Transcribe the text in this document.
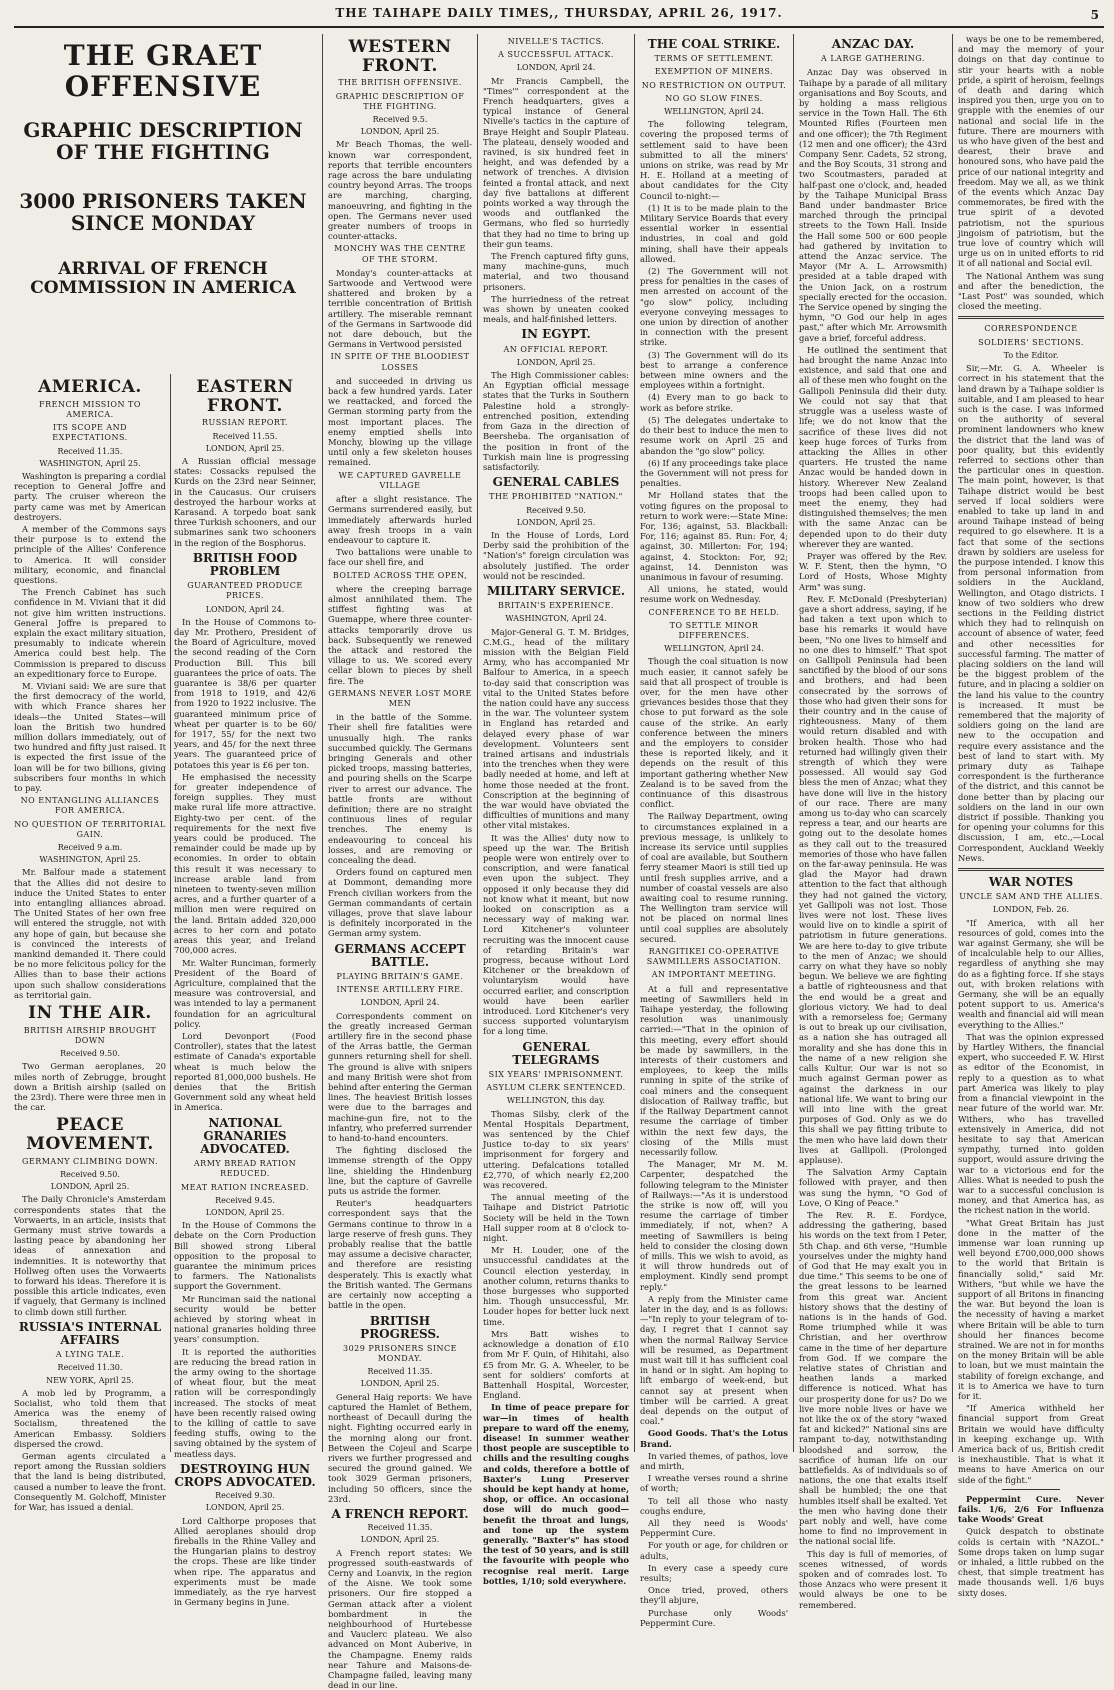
THE TAIHAPE DAILY TIMES,, THURSDAY, APRIL 26, 1917.	5
THE GRAET OFFENSIVE
GRAPHIC DESCRIPTION OF THE FIGHTING
3000 PRISONERS TAKEN SINCE MONDAY
ARRIVAL OF FRENCH COMMISSION IN AMERICA
AMERICA.
FRENCH MISSION TO AMERICA.
ITS SCOPE AND EXPECTATIONS.
Received 11.35.
WASHINGTON, April 25.

Washington is preparing a cordial reception to General Joffre and party. The cruiser whereon the party came was met by American destroyers.

A member of the Commons says their purpose is to extend the principle of the Allies' Conference to America. It will consider military, economic, and financial questions.

The French Cabinet has such confidence in M. Viviani that it did not give him written instructions. General Joffre is prepared to explain the exact military situation, presumably to indicate wherein America could best help. The Commission is prepared to discuss an expeditionary force to Europe.

M. Viviani said: We are sure that the first democracy of the world, with which France shares her ideals—the United States—will loan the British two hundred million dollars immediately, out of two hundred and fifty just raised. It is expected the first issue of the loan will be for two billions, giving subscribers four months in which to pay.

NO ENTANGLING ALLIANCES FOR AMERICA.
NO QUESTION OF TERRITORIAL GAIN.
Received 9 a.m.
WASHINGTON, April 25.

Mr. Balfour made a statement that the Allies did not desire to induce the United States to enter into entangling alliances abroad. The United States of her own free will entered the struggle, not with any hope of gain, but because she is convinced the interests of mankind demanded it. There could be no more felicitous policy for the Allies than to base their actions upon such shallow considerations as territorial gain.

IN THE AIR.
BRITISH AIRSHIP BROUGHT DOWN
Received 9.50.

Two German aeroplanes, 20 miles north of Zebrugge, brought down a British airship (sailed on the 23rd). There were three men in the car.

PEACE MOVEMENT.
GERMANY CLIMBING DOWN.
Received 9.50.
LONDON, April 25.

The Daily Chronicle's Amsterdam correspondents states that the Vorwaerts, in an article, insists that Germany must strive towards a lasting peace by abandoning her ideas of annexation and indemnities. It is noteworthy that Hollweg often uses the Vorwaerts to forward his ideas. Therefore it is possible this article indicates, even if vaguely, that Germany is inclined to climb down still further.

RUSSIA'S INTERNAL AFFAIRS
A LYING TALE.
Received 11.30.
NEW YORK, April 25.

A mob led by Programm, a Socialist, who told them that America was the enemy of Socialism, threatened the American Embassy. Soldiers dispersed the crowd.

German agents circulated a report among the Russian soldiers that the land is being distributed, caused a number to leave the front. Consequently M. Golchoff, Minister for War, has issued a denial.

EASTERN FRONT.
RUSSIAN REPORT.
Received 11.55.
LONDON, April 25.

A Russian official message states: Cossacks repulsed the Kurds on the 23rd near Seinner, in the Caucasus. Our cruisers destroyed the harbour works at Karasand. A torpedo boat sank three Turkish schooners, and our submarines sank two schooners in the region of the Bosphorus.

BRITISH FOOD PROBLEM
GUARANTEED PRODUCE PRICES.
LONDON, April 24.

In the House of Commons to-day Mr. Prothero, President of the Board of Agriculture, moved the second reading of the Corn Production Bill. This bill guarantees the price of oats. The guarantee is 38/6 per quarter from 1918 to 1919, and 42/6 from 1920 to 1922 inclusive. The guaranteed minimum price of wheat per quarter is to be 60/ for 1917, 55/ for the next two years, and 45/ for the next three years. The guaranteed price of potatoes this year is £6 per ton.

He emphasised the necessity for greater independence of foreign supplies. They must make rural life more attractive. Eighty-two per cent. of the requirements for the next five years could be produced. The remainder could be made up by economies. In order to obtain this result it was necessary to increase arable land from nineteen to twenty-seven million acres, and a further quarter of a million men were required on the land. Britain added 320,000 acres to her corn and potato areas this year, and Ireland 700,000 acres.

Mr. Walter Runciman, formerly President of the Board of Agriculture, complained that the measure was controversial, and was intended to lay a permanent foundation for an agricultural policy.

Lord Devonport (Food Controller), states that the latest estimate of Canada's exportable wheat is much below the reported 81,000,000 bushels. He denies that the British Government sold any wheat held in America.

NATIONAL GRANARIES ADVOCATED.
ARMY BREAD RATION REDUCED.
MEAT RATION INCREASED.
Received 9.45.
LONDON, April 25.

In the House of Commons the debate on the Corn Production Bill showed strong Liberal opposition to the proposal to guarantee the minimum prices to farmers. The Nationalists support the Government.

Mr Runciman said the national security would be better achieved by storing wheat in national granaries holding three years' consumption.

It is reported the authorities are reducing the bread ration in the army owing to the shortage of wheat flour, but the meat ration will be correspondingly increased. The stocks of meat have been recently raised owing to the killing of cattle to save feeding stuffs, owing to the saving obtained by the system of meatless days.

DESTROYING HUN CROPS ADVOCATED.
Received 9.30.
LONDON, April 25.

Lord Calthorpe proposes that Allied aeroplanes should drop fireballs in the Rhine Valley and the Hungarian plains to destroy the crops. These are like tinder when ripe. The apparatus and experiments must be made immediately, as the rye harvest in Germany begins in June.

WESTERN FRONT.
THE BRITISH OFFENSIVE.
GRAPHIC DESCRIPTION OF THE FIGHTING.
Received 9.5.
LONDON, April 25.

Mr Beach Thomas, the well-known war correspondent, reports that terrible encounters rage across the bare undulating country beyond Arras. The troops are marching, charging, manoeuvring, and fighting in the open. The Germans never used greater numbers of troops in counter-attacks.

MONCHY WAS THE CENTRE OF THE STORM.

Monday's counter-attacks at Sartwoode and Vertwood were shattered and broken by a terrible concentration of British artillery. The miserable remnant of the Germans in Sartwoode did not dare debouch, but the Germans in Vertwood persisted

IN SPITE OF THE BLOODIEST LOSSES

and succeeded in driving us back a few hundred yards. Later we reattacked, and forced the German storming party from the most important places. The enemy emptied shells into Monchy, blowing up the village until only a few skeleton houses remained.

WE CAPTURED GAVRELLE VILLAGE

after a slight resistance. The Germans surrendered easily, but immediately afterwards hurled away fresh troops in a vain endeavour to capture it.

Two battalions were unable to face our shell fire, and

BOLTED ACROSS THE OPEN,

where the creeping barrage almost annihilated them. The stiffest fighting was at Guemappe, where three counter-attacks temporarily drove us back. Subsequently we renewed the attack and restored the village to us. We scored every cellar blown to pieces by shell fire. The

GERMANS NEVER LOST MORE MEN

in the battle of the Somme. Their shell fire fatalities were unusually high. The ranks succumbed quickly. The Germans bringing Generals and other picked troops, massing batteries, and pouring shells on the Scarpe river to arrest our advance. The battle fronts are without definition; there are no straight continuous lines of regular trenches. The enemy is endeavouring to conceal his losses, and are removing or concealing the dead.

Orders found on captured men at Dommont, demanding more French civilian workers from the German commandants of certain villages, prove that slave labour is definitely incorporated in the German army system.

GERMANS ACCEPT BATTLE.
PLAYING BRITAIN'S GAME.
INTENSE ARTILLERY FIRE.
LONDON, April 24.

Correspondents comment on the greatly increased German artillery fire in the second phase of the Arras battle, the German gunners returning shell for shell. The ground is alive with snipers and many British were shot from behind after entering the German lines. The heaviest British losses were due to the barrages and machine-gun fire, not to the infantry, who preferred surrender to hand-to-hand encounters.

The fighting disclosed the immense strength of the Oppy line, shielding the Hindenburg line, but the capture of Gavrelle puts us astride the former.

Reuter's headquarters correspondent says that the Germans continue to throw in a large reserve of fresh guns. They probably realise that the battle may assume a decisive character, and therefore are resisting desperately. This is exactly what the British wanted. The Germans are certainly now accepting a battle in the open.

BRITISH PROGRESS.
3029 PRISONERS SINCE MONDAY.
Received 11.35.
LONDON, April 25.

General Haig reports: We have captured the Hamlet of Bethem, northeast of Decaull during the night. Fighting occurred early in the morning along our front. Between the Cojeul and Scarpe rivers we further progressed and secured the ground gained. We took 3029 German prisoners, including 50 officers, since the 23rd.

A FRENCH REPORT.
Received 11.35.
LONDON, April 25.

A French report states: We progressed south-eastwards of Cerny and Loanvix, in the region of the Aisne. We took some prisoners. Our fire stopped a German attack after a violent bombardment in the neighbourhood of Hurtebesse and Vauclerc plateau. We also advanced on Mont Auberive, in the Champagne. Enemy raids near Tahure and Maisons-de-Champagne failed, leaving many dead in our line.

NIVELLE'S TACTICS.
A SUCCESSFUL ATTACK.
LONDON, April 24.

Mr Francis Campbell, the "Times'" correspondent at the French headquarters, gives a typical instance of General Nivelle's tactics in the capture of Braye Height and Souplr Plateau. The plateau, densely wooded and ravined, is six hundred feet in height, and was defended by a network of trenches. A division feinted a frontal attack, and next day five battalions at different points worked a way through the woods and outflanked the Germans, who fled so hurriedly that they had no time to bring up their gun teams.

The French captured fifty guns, many machine-guns, much material, and two thousand prisoners.

The hurriedness of the retreat was shown by uneaten cooked meals, and half-finished letters.

IN EGYPT.
AN OFFICIAL REPORT.
LONDON, April 25.

The High Commissioner cables: An Egyptian official message states that the Turks in Southern Palestine hold a strongly-entrenched position, extending from Gaza in the direction of Beersheba. The organisation of the position in front of the Turkish main line is progressing satisfactorily.

GENERAL CABLES
THE PROHIBITED "NATION."
Received 9.50.
LONDON, April 25.

In the House of Lords, Lord Derby said the prohibition of the "Nation's" foreign circulation was absolutely justified. The order would not be rescinded.

MILITARY SERVICE.
BRITAIN'S EXPERIENCE.
WASHINGTON, April 24.

Major-General G. T. M. Bridges, C.M.G., head of the military mission with the Belgian Field Army, who has accompanied Mr Balfour to America, in a speech to-day said that conscription was vital to the United States before the nation could have any success in the war. The volunteer system in England has retarded and delayed every phase of war development. Volunteers sent trained artisans and industrials into the trenches when they were badly needed at home, and left at home those needed at the front. Conscription at the beginning of the war would have obviated the difficulties of munitions and many other vital mistakes.

It was the Allies' duty now to speed up the war. The British people were won entirely over to conscription, and were fanatical even upon the subject. They opposed it only because they did not know what it meant, but now looked on conscription as a necessary way of making war. Lord Kitchener's volunteer recruiting was the innocent cause of retarding Britain's war progress, because without Lord Kitchener or the breakdown of voluntaryism would have occurred earlier, and conscription would have been earlier introduced. Lord Kitchener's very success supported voluntaryism for a long time.

GENERAL TELEGRAMS
SIX YEARS' IMPRISONMENT.
ASYLUM CLERK SENTENCED.
WELLINGTON, this day.

Thomas Silsby, clerk of the Mental Hospitals Department, was sentenced by the Chief Justice to-day to six years' imprisonment for forgery and uttering. Defalcations totalled £2,770, of which nearly £2,200 was recovered.

The annual meeting of the Taihape and District Patriotic Society will be held in the Town Hall supper room at 8 o'clock to-night.

Mr H. Louder, one of the unsuccessful candidates at the Council election yesterday, in another column, returns thanks to those burgesses who supported him. Though unsuccessful, Mr. Louder hopes for better luck next time.

Mrs Batt wishes to acknowledge a donation of £10 from Mr F. Quin, of Hihitahi, also £5 from Mr. G. A. Wheeler, to be sent for soldiers' comforts at Battenhall Hospital, Worcester, England.

In time of peace prepare for war—in times of health prepare to ward off the enemy, disease! In summer weather thost people are susceptible to chills and the resulting coughs and colds, therefore a bottle of Baxter's Lung Preserver should be kept handy at home, shop, or office. An occasional dose will do much good—benefit the throat and lungs, and tone up the system generally. "Baxter's" has stood the test of 50 years, and is still the favourite with people who recognise real merit. Large bottles, 1/10; sold everywhere.

THE COAL STRIKE.
TERMS OF SETTLEMENT.
EXEMPTION OF MINERS.
NO RESTRICTION ON OUTPUT.
NO GO SLOW FINES.
WELLINGTON, April 24.

The following telegram, covering the proposed terms of settlement said to have been submitted to all the miners' unions on strike, was read by Mr H. E. Holland at a meeting of about candidates for the City Council to-night:—

(1) It is to be made plain to the Military Service Boards that every essential worker in essential industries, in coal and gold mining, shall have their appeals allowed.

(2) The Government will not press for penalties in the cases of men arrested on account of the "go slow" policy, including everyone conveying messages to one union by direction of another in connection with the present strike.

(3) The Government will do its best to arrange a conference between mine owners and the employees within a fortnight.

(4) Every man to go back to work as before strike.

(5) The delegates undertake to do their best to induce the men to resume work on April 25 and abandon the "go slow" policy.

(6) If any proceedings take place the Government will not press for penalties.

Mr Holland states that the voting figures on the proposal to return to work were:—State Mine: For, 136; against, 53. Blackball: For, 116; against 85. Run: For, 4; against, 30. Millerton: For, 194; against, 4. Stockton: For, 92; against, 14. Denniston was unanimous in favour of resuming.

All unions, he stated, would resume work on Wednesday.

CONFERENCE TO BE HELD.
TO SETTLE MINOR DIFFERENCES.
WELLINGTON, April 24.

Though the coal situation is now much easier, it cannot safely be said that all prospect of trouble is over, for the men have other grievances besides those that they chose to put forward as the sole cause of the strike. An early conference between the miners and the employers to consider these is reported likely, and it depends on the result of this important gathering whether New Zealand is to be saved from the continuance of this disastrous conflict.

The Railway Department, owing to circumstances explained in a previous message, is unlikely to increase its service until supplies of coal are available, but Southern ferry steamer Maori is still tied up until fresh supplies arrive, and a number of coastal vessels are also awaiting coal to resume running. The Wellington tram service will not be placed on normal lines until coal supplies are absolutely secured.

RANGITIKEI CO-OPERATIVE SAWMILLERS ASSOCIATION.
AN IMPORTANT MEETING.

At a full and representative meeting of Sawmillers held in Taihape yesterday, the following resolution was unanimously carried:—"That in the opinion of this meeting, every effort should be made by sawmillers, in the interests of their customers and employees, to keep the mills running in spite of the strike of coal miners and the consequent dislocation of Railway traffic, but if the Railway Department cannot resume the carriage of timber within the next few days, the closing of the Mills must necessarily follow.

The Manager, Mr M. M. Carpenter, despatched the following telegram to the Minister of Railways:—"As it is understood the strike is now off, will you resume the carriage of timber immediately, if not, when? A meeting of Sawmillers is being held to consider the closing down of mills. This we wish to avoid, as it will throw hundreds out of employment. Kindly send prompt reply."

A reply from the Minister came later in the day, and is as follows:—"In reply to your telegram of to-day, I regret that I cannot say when the normal Railway Service will be resumed, as Department must wait till it has sufficient coal in hand or in sight. Am hoping to lift embargo of week-end, but cannot say at present when timber will be carried. A great deal depends on the output of coal."

Good Goods. That's the Lotus Brand.

In varied themes, of pathos, love and mirth,

I wreathe verses round a shrine of worth;

To tell all those who nasty coughs endure,

All they need is Woods' Peppermint Cure.

For youth or age, for children or adults,

In every case a speedy cure results;

Once tried, proved, others they'll abjure,

Purchase only Woods' Peppermint Cure.

ANZAC DAY.
A LARGE GATHERING.

Anzac Day was observed in Taihape by a parade of all military organisations and Boy Scouts, and by holding a mass religious service in the Town Hall. The 6th Mounted Rifles (Fourteen men and one officer); the 7th Regiment (12 men and one officer); the 43rd Company Senr. Cadets, 52 strong, and the Boy Scouts, 31 strong and two Scoutmasters, paraded at half-past one o'clock, and, headed by the Taihape Municipal Brass Band under bandmaster Brice marched through the principal streets to the Town Hall. Inside the Hall some 500 or 600 people had gathered by invitation to attend the Anzac service. The Mayor (Mr A. L. Arrowsmith) presided at a table draped with the Union Jack, on a rostrum specially erected for the occasion. The Service opened by singing the hymn, "O God our help in ages past," after which Mr. Arrowsmith gave a brief, forceful address.

He outlined the sentiment that had brought the name Anzac into existence, and said that one and all of these men who fought on the Gallipoli Peninsula did their duty. We could not say that that struggle was a useless waste of life; we do not know that the sacrifice of these lives did not keep huge forces of Turks from attacking the Allies in other quarters. He trusted the name Anzac would be handed down in history. Wherever New Zealand troops had been called upon to meet the enemy, they had distinguished themselves; the men with the same Anzac can be depended upon to do their duty wherever they are wanted.

Prayer was offered by the Rev. W. F. Stent, then the hymn, "O Lord of Hosts, Whose Mighty Arm" was sung.

Rev. F. McDonald (Presbyterian) gave a short address, saying, if he had taken a text upon which to base his remarks it would have been, "No one lives to himself and no one dies to himself." That spot on Gallipoli Peninsula had been sanctified by the blood of our sons and brothers, and had been consecrated by the sorrows of those who had given their sons for their country and in the cause of righteousness. Many of them would return disabled and with broken health. Those who had returned had willingly given their strength of which they were possessed. All would say God bless the men of Anzac; what they have done will live in the history of our race. There are many among us to-day who can scarcely repress a tear, and our hearts are going out to the desolate homes as they call out to the treasured memories of those who have fallen on the far-away peninsula. He was glad the Mayor had drawn attention to the fact that although they had not gained the victory, yet Gallipoli was not lost. Those lives were not lost. These lives would live on to kindle a spirit of patriotism in future generations. We are here to-day to give tribute to the men of Anzac; we should carry on what they have so nobly begun. We believe we are fighting a battle of righteousness and that the end would be a great and glorious victory. We had to deal with a remorseless foe; Germany is out to break up our civilisation, as a nation she has outraged all morality and she has done this in the name of a new religion she calls Kultur. Our war is not so much against German power as against the darkness in our national life. We want to bring our will into line with the great purposes of God. Only as we do this shall we pay fitting tribute to the men who have laid down their lives at Gallipoli. (Prolonged applause).

The Salvation Army Captain followed with prayer, and then was sung the hymn, "O God of Love, O King of Peace."

The Rev. R. E. Fordyce, addressing the gathering, based his words on the text from I Peter, 5th Chap. and 6th verse, "Humble yourselves under the mighty hand of God that He may exalt you in due time." This seems to be one of the great lessons to be learned from this great war. Ancient history shows that the destiny of nations is in the hands of God. Rome triumphed while it was Christian, and her overthrow came in the time of her departure from God. If we compare the relative states of Christian and heathen lands a marked difference is noticed. What has our prosperity done for us? Do we live more noble lives or have we not like the ox of the story "waxed fat and kicked?" National sins are rampant to-day, notwithstanding bloodshed and sorrow, the sacrifice of human life on our battlefields. As of individuals so of nations, the one that exalts itself shall be humbled; the one that humbles itself shall be exalted. Yet the men who having done their part nobly and well, have come home to find no improvement in the national social life.

This day is full of memories, of scenes witnessed, of words spoken and of comrades lost. To those Anzacs who were present it would always be one to be remembered.

ways be one to be remembered, and may the memory of your doings on that day continue to stir your hearts with a noble pride, a spirit of heroism, feelings of death and daring which inspired you then, urge you on to grapple with the enemies of our national and social life in the future. There are mourners with us who have given of the best and dearest, their brave and honoured sons, who have paid the price of our national integrity and freedom. May we all, as we think of the events which Anzac Day commemorates, be fired with the true spirit of a devoted patriotism, not the spurious jingoism of patriotism, but the true love of country which will urge us on in united efforts to rid it of all national and Social evil.

The National Anthem was sung and after the benediction, the "Last Post" was sounded, which closed the meeting.

CORRESPONDENCE
SOLDIERS' SECTIONS.
To the Editor.

Sir,—Mr. G. A. Wheeler is correct in his statement that the land drawn by a Taihape soldier is suitable, and I am pleased to hear such is the case. I was informed on the authority of several prominent landowners who knew the district that the land was of poor quality, but this evidently referred to sections other than the particular ones in question. The main point, however, is that Taihape district would be best served if local soldiers were enabled to take up land in and around Taihape instead of being required to go elsewhere. It is a fact that some of the sections drawn by soldiers are useless for the purpose intended. I know this from personal information from soldiers in the Auckland, Wellington, and Otago districts. I know of two soldiers who drew sections in the Feilding district which they had to relinquish on account of absence of water, feed and other necessities for successful farming. The matter of placing soldiers on the land will be the biggest problem of the future, and in placing a soldier on the land his value to the country is increased. It must be remembered that the majority of soldiers going on the land are new to the occupation and require every assistance and the best of land to start with. My primary duty as Taihape correspondent is the furtherance of the district, and this cannot be done better than by placing our soldiers on the land in our own district if possible. Thanking you for opening your columns for this discussion, I am, etc.,—Local Correspondent, Auckland Weekly News.

WAR NOTES
UNCLE SAM AND THE ALLIES.
LONDON, Feb. 26.

"If America, with all her resources of gold, comes into the war against Germany, she will be of incalculable help to our Allies, regardless of anything she may do as a fighting force. If she stays out, with broken relations with Germany, she will be an equally potent support to us. America's wealth and financial aid will mean everything to the Allies."

That was the opinion expressed by Hartley Withers, the financial expert, who succeeded F. W. Hirst as editor of the Economist, in reply to a question as to what part America was likely to play from a financial viewpoint in the near future of the world war. Mr. Withers, who has travelled extensively in America, did not hesitate to say that American sympathy, turned into golden support, would assure driving the war to a victorious end for the Allies. What is needed to push the war to a successful conclusion is money, and that America has, as the richest nation in the world.

"What Great Britain has just done in the matter of the immense war loan running up well beyond £700,000,000 shows to the world that Britain is financially solid," said Mr. Withers, "but while we have the support of all Britons in financing the war. But beyond the loan is the necessity of having a market where Britain will be able to turn should her finances become strained. We are not in for months on the money Britain will be able to loan, but we must maintain the stability of foreign exchange, and it is to America we have to turn for it.

"If America withheld her financial support from Great Britain we would have difficulty in keeping exchange up. With America back of us, British credit is inexhaustible. That is what it means to have America on our side of the fight."

Peppermint Cure. Never fails. 1/6, 2/6 For Influenza take Woods' Great

Quick despatch to obstinate colds is certain with "NAZOL." Some drops taken on lump sugar or inhaled, a little rubbed on the chest, that simple treatment has made thousands well. 1/6 buys sixty doses.
